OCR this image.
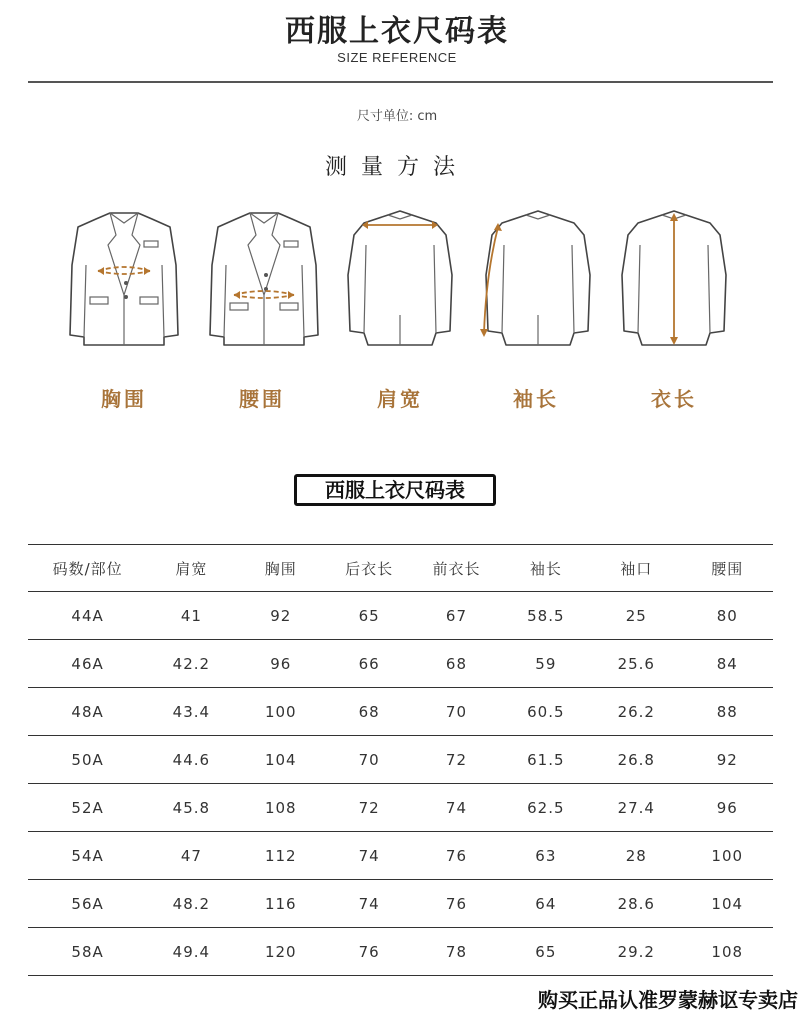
西服上衣尺码表
SIZE REFERENCE
尺寸单位: cm
测量方法
胸围	腰围	肩宽	袖长	衣长
西服上衣尺码表
码数/部位	肩宽	胸围	后衣长	前衣长	袖长	袖口	腰围
44A	41	92	65	67	58.5	25	80
46A	42.2	96	66	68	59	25.6	84
48A	43.4	100	68	70	60.5	26.2	88
50A	44.6	104	70	72	61.5	26.8	92
52A	45.8	108	72	74	62.5	27.4	96
54A	47	112	74	76	63	28	100
56A	48.2	116	74	76	64	28.6	104
58A	49.4	120	76	78	65	29.2	108
购买正品认准罗蒙赫讴专卖店
